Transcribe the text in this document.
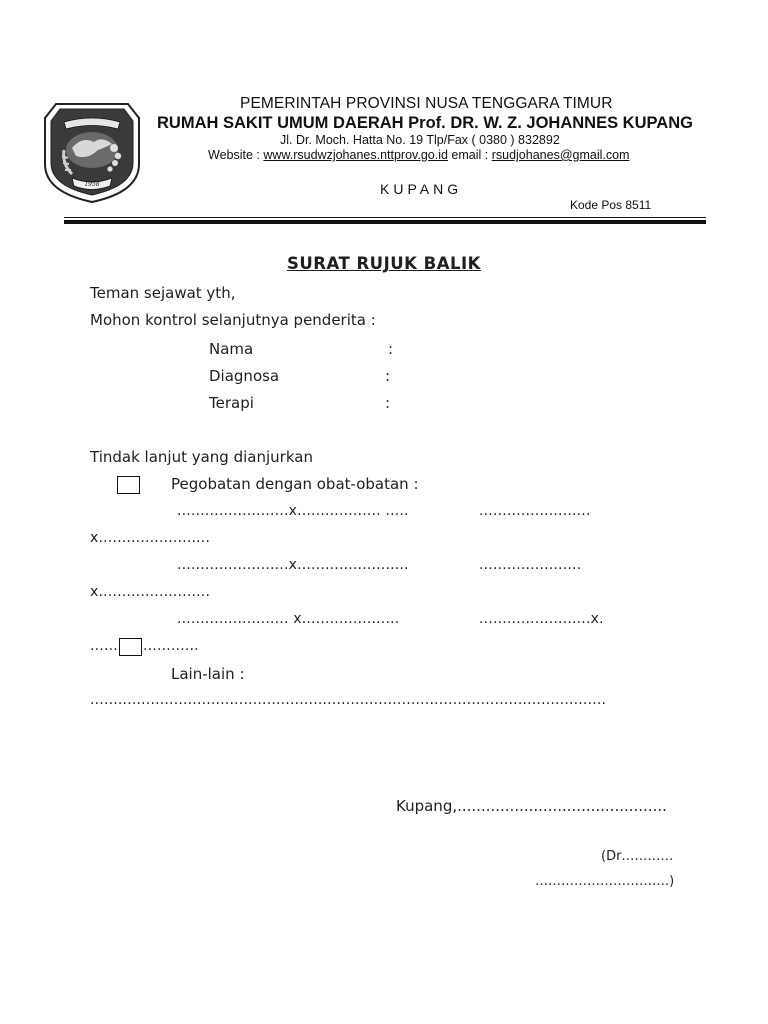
1958
PEMERINTAH PROVINSI NUSA TENGGARA TIMUR
RUMAH SAKIT UMUM DAERAH Prof. DR. W. Z. JOHANNES KUPANG
Jl. Dr. Moch. Hatta No. 19 Tlp/Fax ( 0380 ) 832892
Website : www.rsudwzjohanes.nttprov.go.id email : rsudjohanes@gmail.com
KUPANG
Kode Pos 8511
SURAT RUJUK BALIK
Teman sejawat yth,
Mohon kontrol selanjutnya penderita :
Nama	:
Diagnosa	:
Terapi	:
Tindak lanjut yang dianjurkan
Pegobatan dengan obat-obatan :
........................x.................. .....	........................
x........................
........................x........................	......................
x........................
........................ x.....................	........................x.
...... ............
Lain-lain :
...............................................................................................................
Kupang,............................................
(Dr…………
………………………….)
